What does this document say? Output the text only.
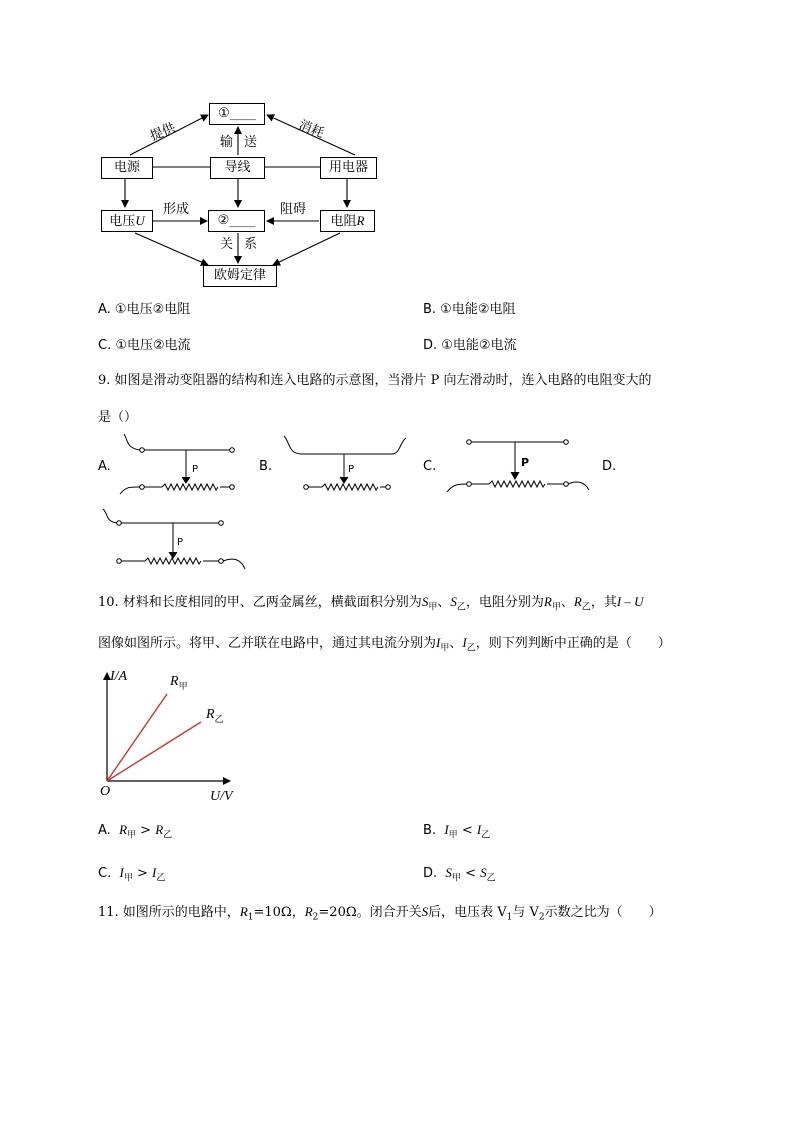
①____
电源	导线	用电器
电压U	②____	电阻R
欧姆定律
提供	消耗
输 送
形成	阻碍
关 系
A. ①电压②电阻	B. ①电能②电阻
C. ①电压②电流	D. ①电能②电流
9. 如图是滑动变阻器的结构和连入电路的示意图，当滑片 P 向左滑动时，连入电路的电阻变大的
是（）
A.	B.	C.	D.
P	P
P
P
10. 材料和长度相同的甲、乙两金属丝，横截面积分别为$S_甲$、$S_乙$，电阻分别为$R_甲$、$R_乙$，其I – U
图像如图所示。将甲、乙并联在电路中，通过其电流分别为$I_甲$、$I_乙$，则下列判断中正确的是（　　）
I/A
U/V
O
$R_甲$
$R_乙$
A. $R_甲 > R_乙$	B. $I_甲 < I_乙$
C. $I_甲 > I_乙$	D. $S_甲 < S_乙$
11. 如图所示的电路中，$R_1=10\Omega$，$R_2=20\Omega$。闭合开关S后，电压表 $V_1$与 $V_2$示数之比为（　　）
